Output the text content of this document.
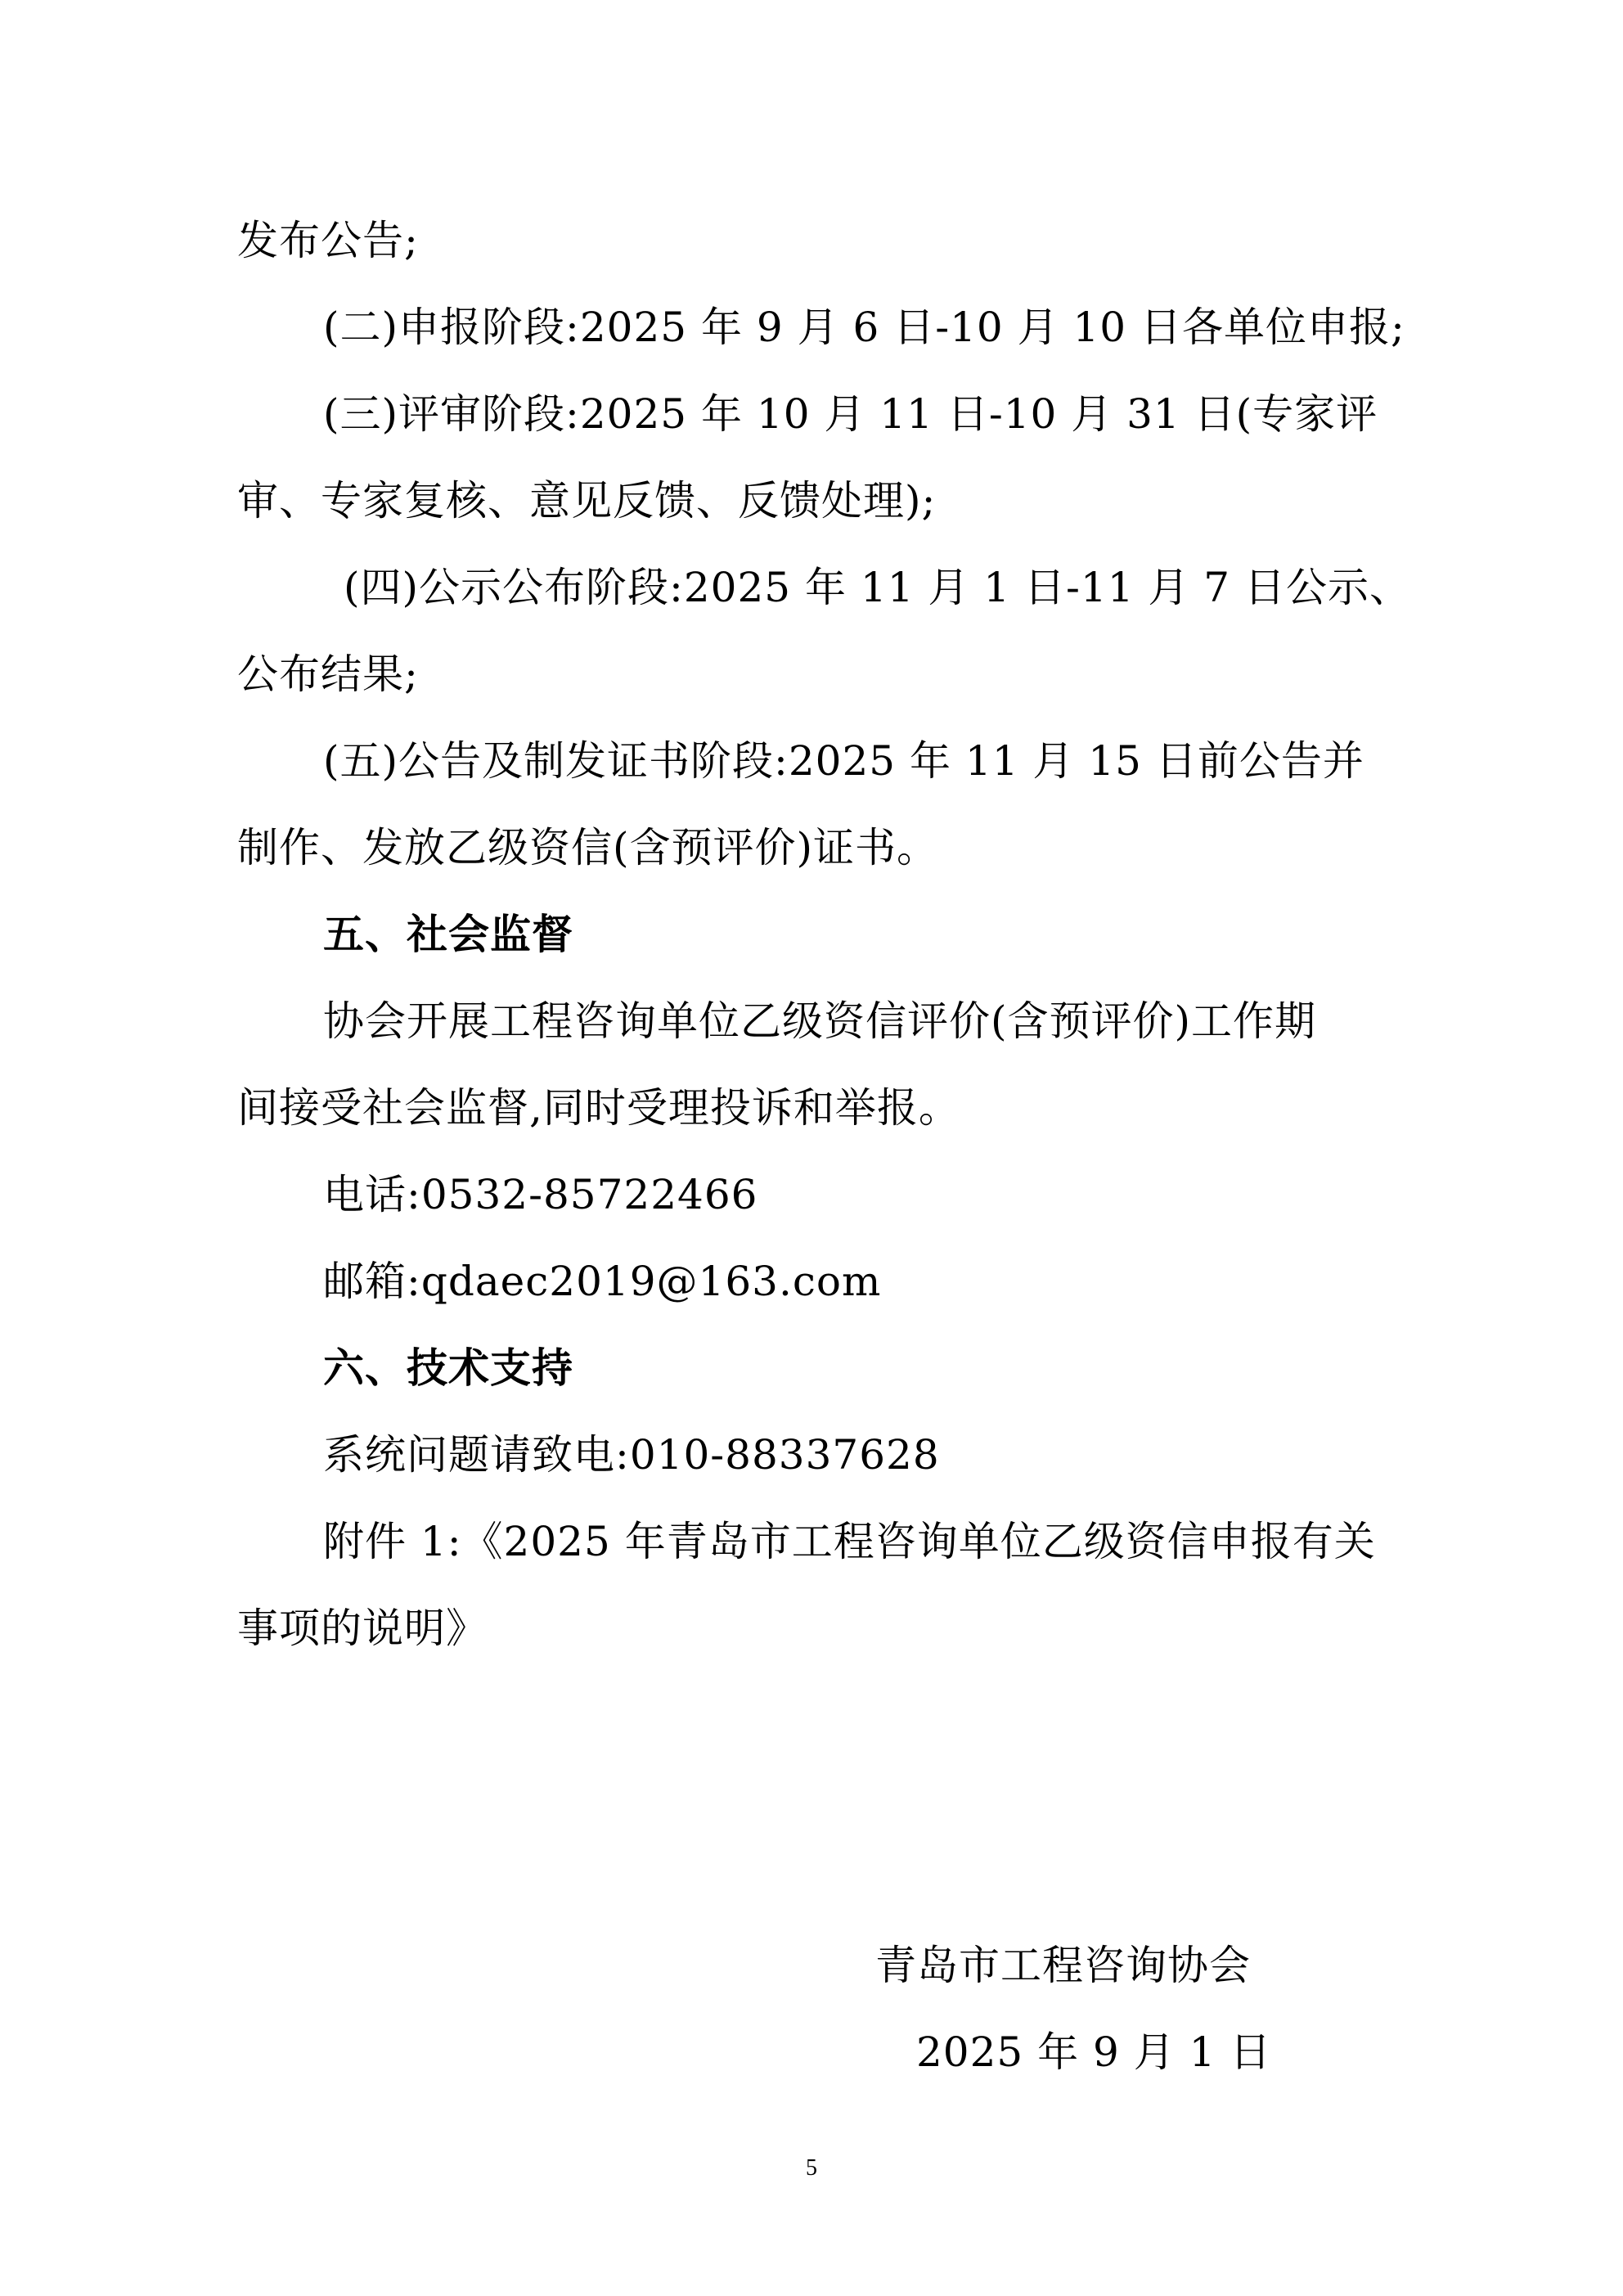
发布公告;
(二)申报阶段:2025 年 9 月 6 日-10 月 10 日各单位申报;
(三)评审阶段:2025 年 10 月 11 日-10 月 31 日(专家评
审、专家复核、意见反馈、反馈处理);
(四)公示公布阶段:2025 年 11 月 1 日-11 月 7 日公示、
公布结果;
(五)公告及制发证书阶段:2025 年 11 月 15 日前公告并
制作、发放乙级资信(含预评价)证书。
五、社会监督
协会开展工程咨询单位乙级资信评价(含预评价)工作期
间接受社会监督,同时受理投诉和举报。
电话:0532-85722466
邮箱:qdaec2019@163.com
六、技术支持
系统问题请致电:010-88337628
附件 1:《2025 年青岛市工程咨询单位乙级资信申报有关
事项的说明》
青岛市工程咨询协会
2025 年 9 月 1 日
5
